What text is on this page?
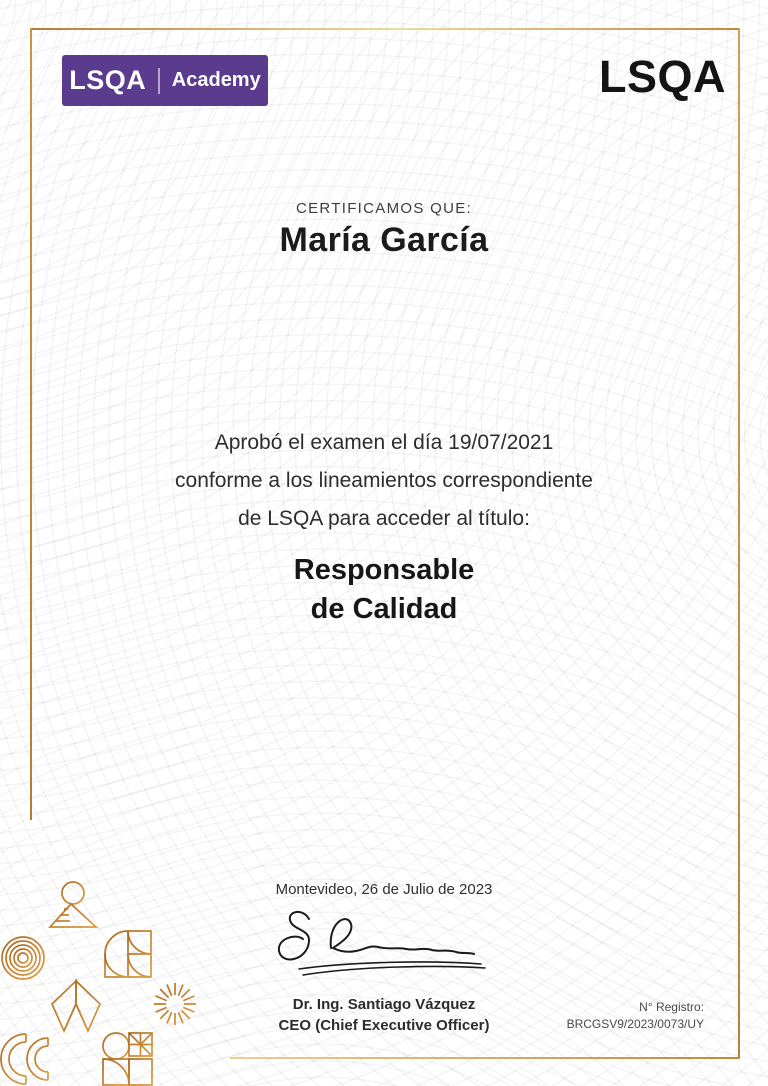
LSQA Academy	LSQA
CERTIFICAMOS QUE:
María García
Aprobó el examen el día 19/07/2021
conforme a los lineamientos correspondiente
de LSQA para acceder al título:
Responsable
de Calidad
Montevideo, 26 de Julio de 2023
Dr. Ing. Santiago Vázquez
CEO (Chief Executive Officer)
N° Registro:
BRCGSV9/2023/0073/UY
